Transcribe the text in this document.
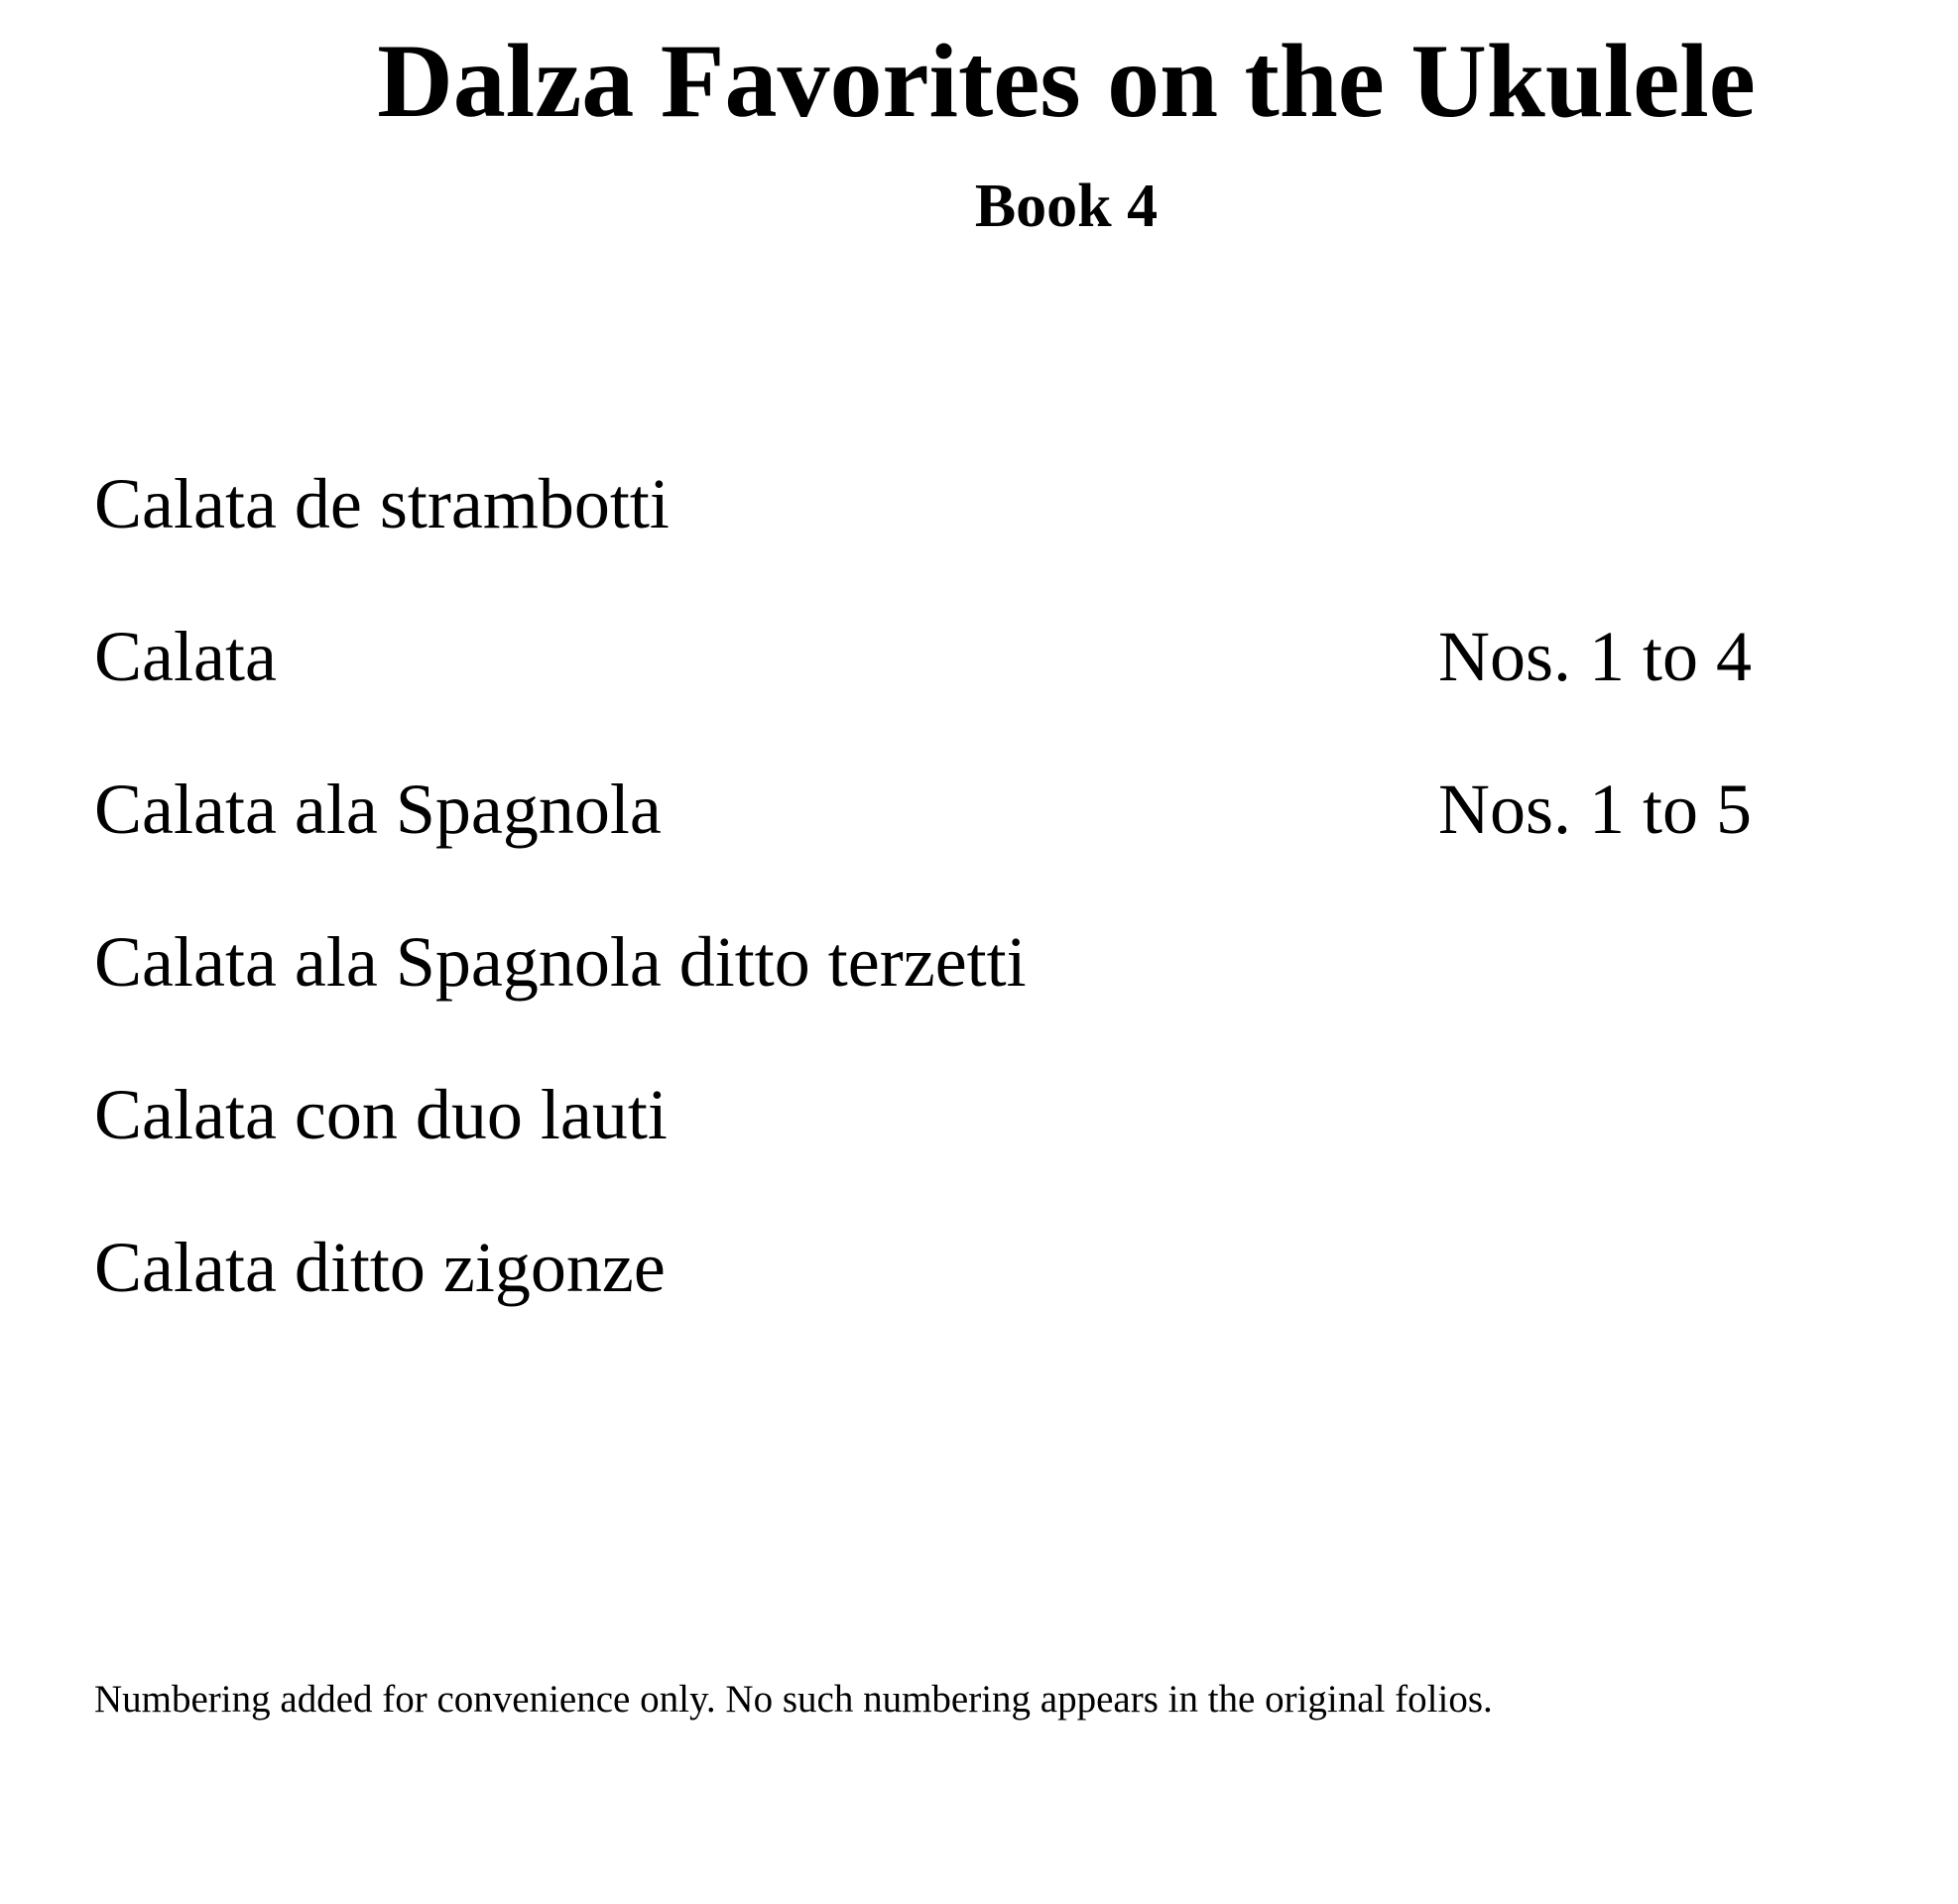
Dalza Favorites on the Ukulele
Book 4
Calata de strambotti
Calata	Nos. 1 to 4
Calata ala Spagnola	Nos. 1 to 5
Calata ala Spagnola ditto terzetti
Calata con duo lauti
Calata ditto zigonze
Numbering added for convenience only. No such numbering appears in the original folios.
